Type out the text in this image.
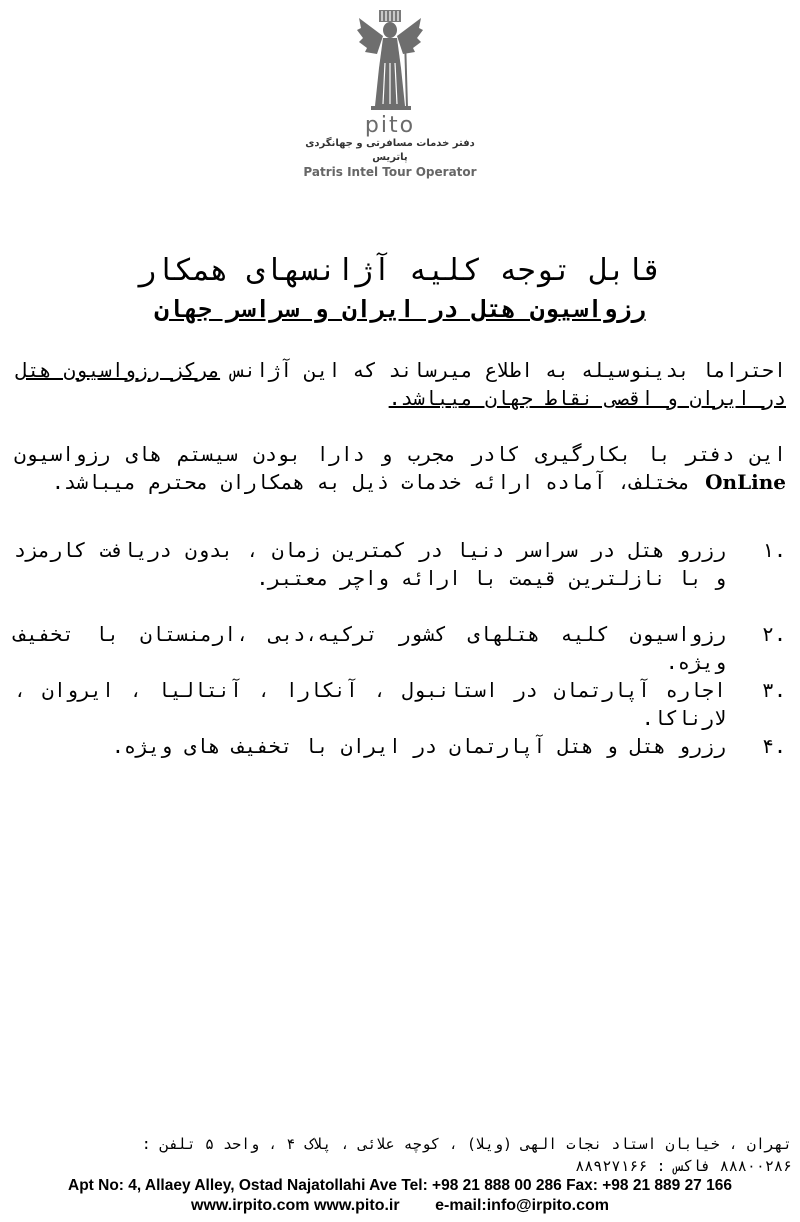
pito
دفتر خدمات مسافرتی و جهانگردی پاتریس
Patris Intel Tour Operator
قابل توجه کلیه آژانسهای همکار
رزواسیون هتل در ایران و سراسر جهان
احتراما بدینوسیله به اطلاع میرساند که این آژانس مرکز رزواسیون هتل در ایران و اقصی نقاط جهان میباشد.
این دفتر با بکارگیری کادر مجرب و دارا بودن سیستم های رزواسیون OnLine مختلف، آماده ارائه خدمات ذیل به همکاران محترم میباشد.
.۱
رزرو هتل در سراسر دنیا در کمترین زمان ، بدون دریافت کارمزد و با نازلترین قیمت با ارائه واچر معتبر.
.۲
رزواسیون کلیه هتلهای کشور ترکیه،دبی ،ارمنستان با تخفیف ویژه.
.۳
اجاره آپارتمان در استانبول ، آنکارا ، آنتالیا ، ایروان ، لارناکا.
.۴
رزرو هتل و هتل آپارتمان در ایران با تخفیف های ویژه.
تهران ، خیابان استاد نجات الهی (ویلا) ، کوچه علائی ، پلاک ۴ ، واحد ۵ تلفن :
۸۸۸۰۰۲۸۶ فاکس : ۸۸۹۲۷۱۶۶
Apt No: 4, Allaey Alley, Ostad Najatollahi Ave Tel: +98 21 888 00 286 Fax: +98 21 889 27 166
www.irpito.com www.pito.ir e-mail:info@irpito.com
